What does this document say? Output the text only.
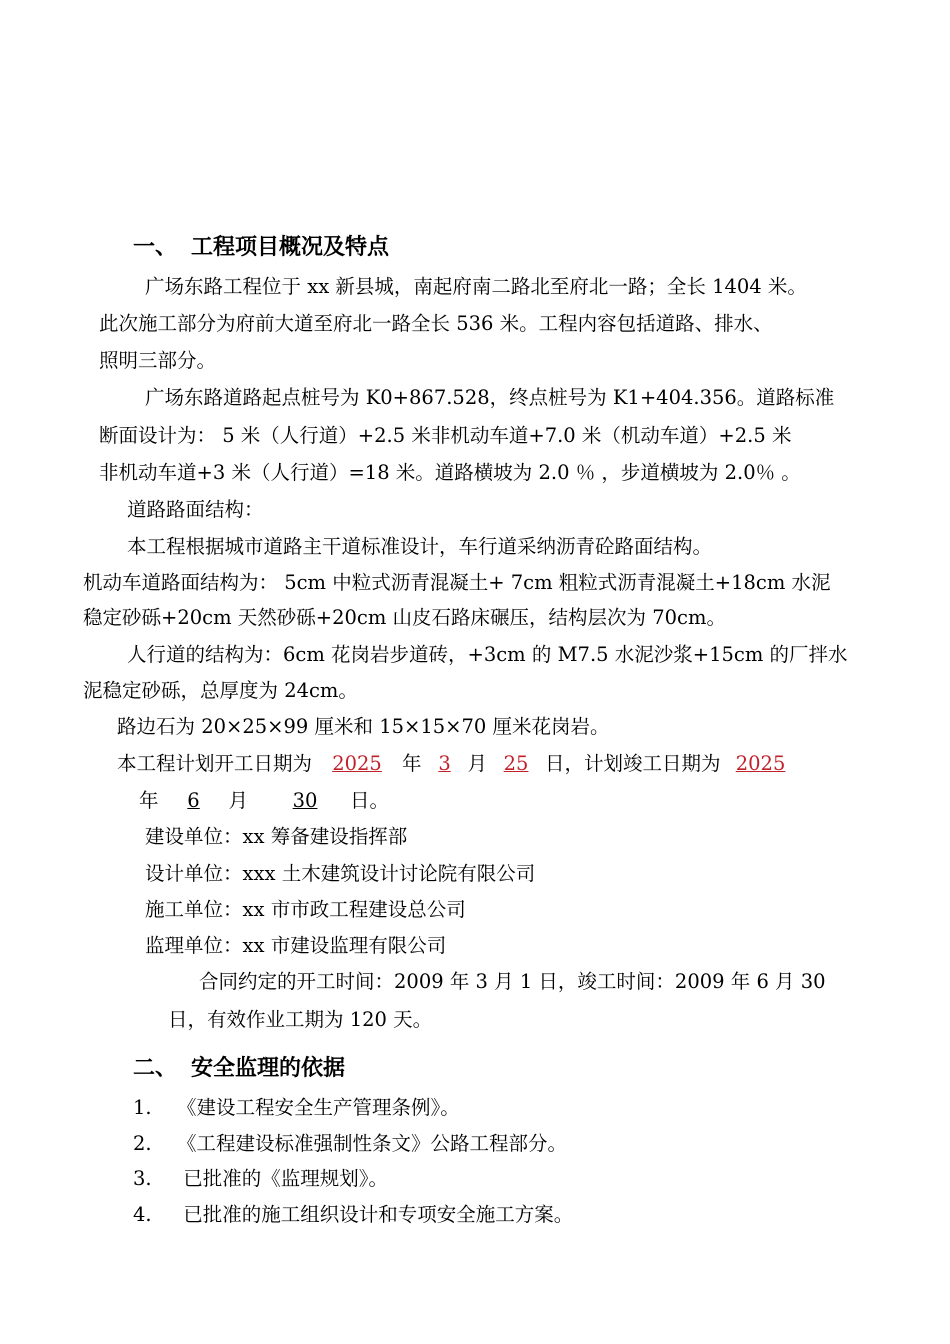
一、 工程项目概况及特点
广场东路工程位于 xx 新县城，南起府南二路北至府北一路；全长 1404 米。
此次施工部分为府前大道至府北一路全长 536 米。工程内容包括道路、排水、
照明三部分。
广场东路道路起点桩号为 K0+867.528，终点桩号为 K1+404.356。道路标准
断面设计为： 5 米（人行道）+2.5 米非机动车道+7.0 米（机动车道）+2.5 米
非机动车道+3 米（人行道）=18 米。道路横坡为 2.0 ％ ，步道横坡为 2.0％ 。
道路路面结构：
本工程根据城市道路主干道标准设计，车行道采纳沥青砼路面结构。
机动车道路面结构为： 5cm 中粒式沥青混凝土+ 7cm 粗粒式沥青混凝土+18cm 水泥
稳定砂砾+20cm 天然砂砾+20cm 山皮石路床碾压，结构层次为 70cm。
人行道的结构为：6cm 花岗岩步道砖，+3cm 的 M7.5 水泥沙浆+15cm 的厂拌水
泥稳定砂砾，总厚度为 24cm。
路边石为 20×25×99 厘米和 15×15×70 厘米花岗岩。
本工程计划开工日期为 2025 年 3 月 25 日，计划竣工日期为 2025
年 6 月 30 日。
建设单位：xx 筹备建设指挥部
设计单位：xxx 土木建筑设计讨论院有限公司
施工单位：xx 市市政工程建设总公司
监理单位：xx 市建设监理有限公司
合同约定的开工时间：2009 年 3 月 1 日，竣工时间：2009 年 6 月 30
日，有效作业工期为 120 天。
二、 安全监理的依据
1. 《建设工程安全生产管理条例》。
2. 《工程建设标准强制性条文》公路工程部分。
3. 已批准的《监理规划》。
4. 已批准的施工组织设计和专项安全施工方案。
